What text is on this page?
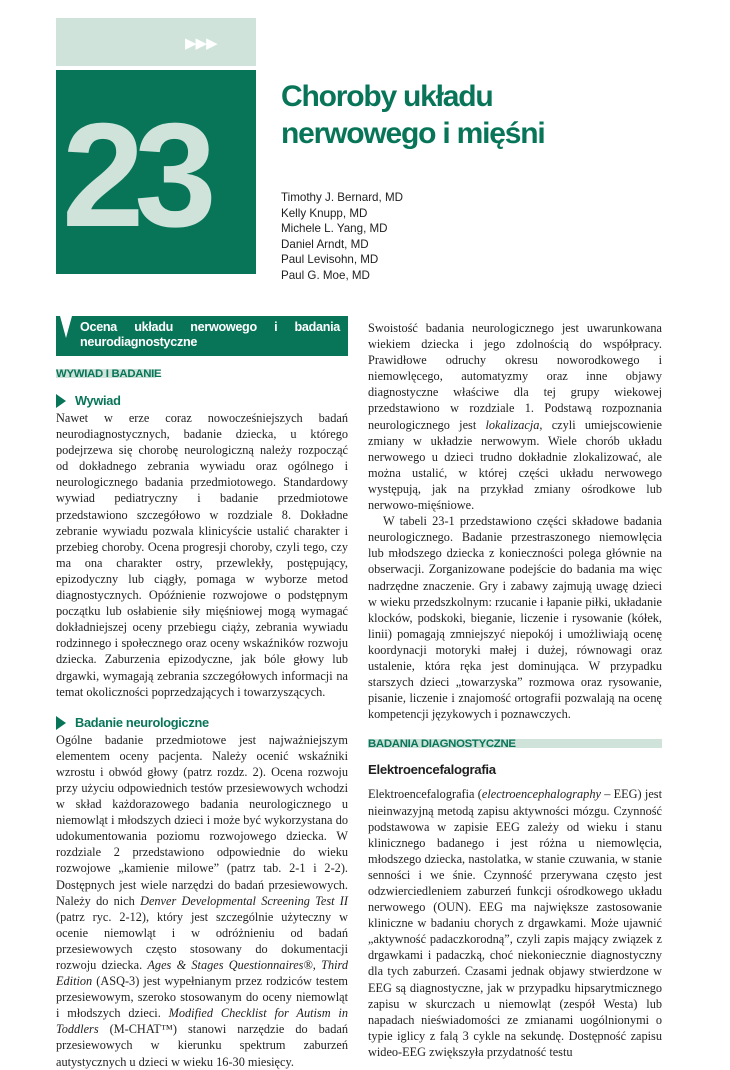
▶▶▶
23	Choroby układu
nerwowego i mięśni
Timothy J. Bernard, MD
Kelly Knupp, MD
Michele L. Yang, MD
Daniel Arndt, MD
Paul Levisohn, MD
Paul G. Moe, MD
Ocena układu nerwowego i badania neurodiagnostyczne
WYWIAD I BADANIE
Wywiad

Nawet w erze coraz nowocześniejszych badań neurodiagnostycznych, badanie dziecka, u którego podejrzewa się chorobę neurologiczną należy rozpocząć od dokładnego zebrania wywiadu oraz ogólnego i neurologicznego badania przedmiotowego. Standardowy wywiad pediatryczny i badanie przedmiotowe przedstawiono szczegółowo w rozdziale 8. Dokładne zebranie wywiadu pozwala klinicyście ustalić charakter i przebieg choroby. Ocena progresji choroby, czyli tego, czy ma ona charakter ostry, przewlekły, postępujący, epizodyczny lub ciągły, pomaga w wyborze metod diagnostycznych. Opóźnienie rozwojowe o podstępnym początku lub osłabienie siły mięśniowej mogą wymagać dokładniejszej oceny przebiegu ciąży, zebrania wywiadu rodzinnego i społecznego oraz oceny wskaźników rozwoju dziecka. Zaburzenia epizodyczne, jak bóle głowy lub drgawki, wymagają zebrania szczegółowych informacji na temat okoliczności poprzedzających i towarzyszących.

Badanie neurologiczne

Ogólne badanie przedmiotowe jest najważniejszym elementem oceny pacjenta. Należy ocenić wskaźniki wzrostu i obwód głowy (patrz rozdz. 2). Ocena rozwoju przy użyciu odpowiednich testów przesiewowych wchodzi w skład każdorazowego badania neurologicznego u niemowląt i młodszych dzieci i może być wykorzystana do udokumentowania poziomu rozwojowego dziecka. W rozdziale 2 przedstawiono odpowiednie do wieku rozwojowe „kamienie milowe” (patrz tab. 2-1 i 2-2). Dostępnych jest wiele narzędzi do badań przesiewowych. Należy do nich Denver Developmental Screening Test II (patrz ryc. 2-12), który jest szczególnie użyteczny w ocenie niemowląt i w odróżnieniu od badań przesiewowych często stosowany do dokumentacji rozwoju dziecka. Ages & Stages Questionnaires®, Third Edition (ASQ-3) jest wypełnianym przez rodziców testem przesiewowym, szeroko stosowanym do oceny niemowląt i młodszych dzieci. Modified Checklist for Autism in Toddlers (M-CHAT™) stanowi narzędzie do badań przesiewowych w kierunku spektrum zaburzeń autystycznych u dzieci w wieku 16-30 miesięcy.

Swoistość badania neurologicznego jest uwarunkowana wiekiem dziecka i jego zdolnością do współpracy. Prawidłowe odruchy okresu noworodkowego i niemowlęcego, automatyzmy oraz inne objawy diagnostyczne właściwe dla tej grupy wiekowej przedstawiono w rozdziale 1. Podstawą rozpoznania neurologicznego jest lokalizacja, czyli umiejscowienie zmiany w układzie nerwowym. Wiele chorób układu nerwowego u dzieci trudno dokładnie zlokalizować, ale można ustalić, w której części układu nerwowego występują, jak na przykład zmiany ośrodkowe lub nerwowo-mięśniowe.

W tabeli 23-1 przedstawiono części składowe badania neurologicznego. Badanie przestraszonego niemowlęcia lub młodszego dziecka z konieczności polega głównie na obserwacji. Zorganizowane podejście do badania ma więc nadrzędne znaczenie. Gry i zabawy zajmują uwagę dzieci w wieku przedszkolnym: rzucanie i łapanie piłki, układanie klocków, podskoki, bieganie, liczenie i rysowanie (kółek, linii) pomagają zmniejszyć niepokój i umożliwiają ocenę koordynacji motoryki małej i dużej, równowagi oraz ustalenie, która ręka jest dominująca. W przypadku starszych dzieci „towarzyska” rozmowa oraz rysowanie, pisanie, liczenie i znajomość ortografii pozwalają na ocenę kompetencji językowych i poznawczych.

BADANIA DIAGNOSTYCZNE
Elektroencefalografia

Elektroencefalografia (electroencephalography – EEG) jest nieinwazyjną metodą zapisu aktywności mózgu. Czynność podstawowa w zapisie EEG zależy od wieku i stanu klinicznego badanego i jest różna u niemowlęcia, młodszego dziecka, nastolatka, w stanie czuwania, w stanie senności i we śnie. Czynność przerywana często jest odzwierciedleniem zaburzeń funkcji ośrodkowego układu nerwowego (OUN). EEG ma największe zastosowanie kliniczne w badaniu chorych z drgawkami. Może ujawnić „aktywność padaczkorodną”, czyli zapis mający związek z drgawkami i padaczką, choć niekoniecznie diagnostyczny dla tych zaburzeń. Czasami jednak objawy stwierdzone w EEG są diagnostyczne, jak w przypadku hipsarytmicznego zapisu w skurczach u niemowląt (zespół Westa) lub napadach nieświadomości ze zmianami uogólnionymi o typie iglicy z falą 3 cykle na sekundę. Dostępność zapisu wideo-EEG zwiększyła przydatność testu
